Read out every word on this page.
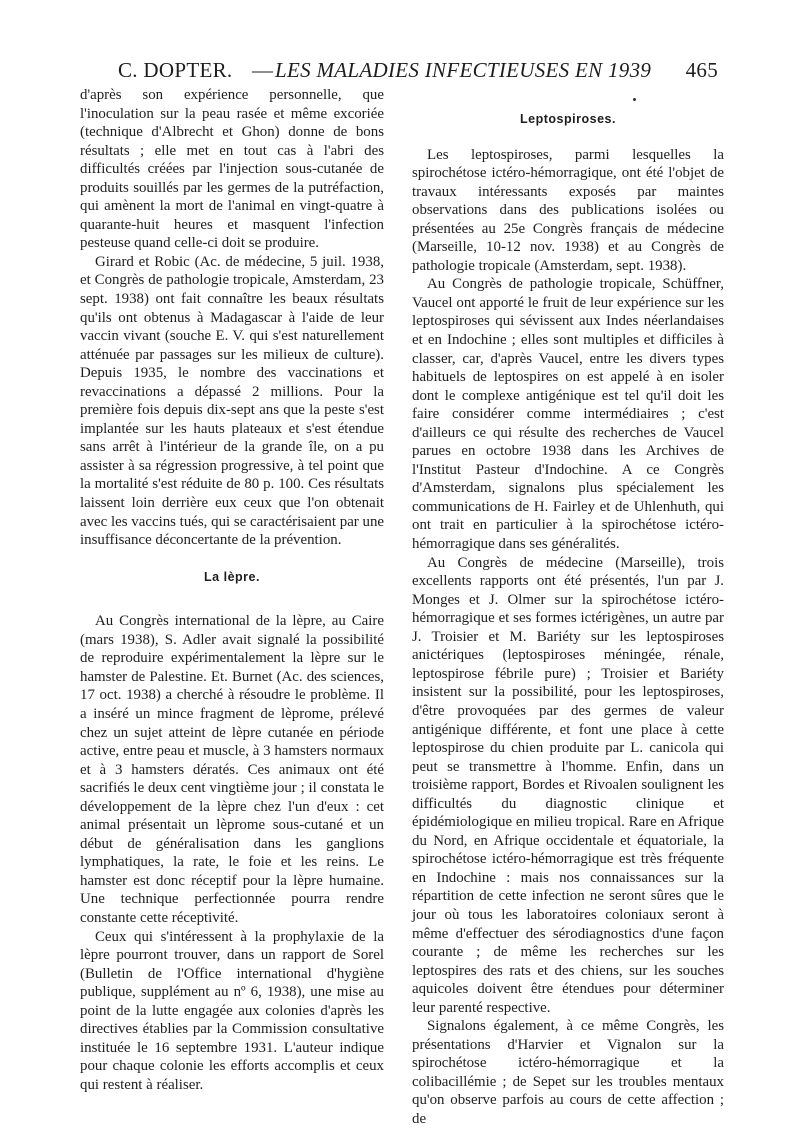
C. DOPTER. — LES MALADIES INFECTIEUSES EN 1939 465

d'après son expérience personnelle, que l'inoculation sur la peau rasée et même excoriée (technique d'Albrecht et Ghon) donne de bons résultats ; elle met en tout cas à l'abri des difficultés créées par l'injection sous-cutanée de produits souillés par les germes de la putréfaction, qui amènent la mort de l'animal en vingt-quatre à quarante-huit heures et masquent l'infection pesteuse quand celle-ci doit se produire.

Girard et Robic (Ac. de médecine, 5 juil. 1938, et Congrès de pathologie tropicale, Amsterdam, 23 sept. 1938) ont fait connaître les beaux résultats qu'ils ont obtenus à Madagascar à l'aide de leur vaccin vivant (souche E. V. qui s'est naturellement atténuée par passages sur les milieux de culture). Depuis 1935, le nombre des vaccinations et revaccinations a dépassé 2 millions. Pour la première fois depuis dix-sept ans que la peste s'est implantée sur les hauts plateaux et s'est étendue sans arrêt à l'intérieur de la grande île, on a pu assister à sa régression progressive, à tel point que la mortalité s'est réduite de 80 p. 100. Ces résultats laissent loin derrière eux ceux que l'on obtenait avec les vaccins tués, qui se caractérisaient par une insuffisance déconcertante de la prévention.

La lèpre.

Au Congrès international de la lèpre, au Caire (mars 1938), S. Adler avait signalé la possibilité de reproduire expérimentalement la lèpre sur le hamster de Palestine. Et. Burnet (Ac. des sciences, 17 oct. 1938) a cherché à résoudre le problème. Il a inséré un mince fragment de lèprome, prélevé chez un sujet atteint de lèpre cutanée en période active, entre peau et muscle, à 3 hamsters normaux et à 3 hamsters dératés. Ces animaux ont été sacrifiés le deux cent vingtième jour ; il constata le développement de la lèpre chez l'un d'eux : cet animal présentait un lèprome sous-cutané et un début de généralisation dans les ganglions lymphatiques, la rate, le foie et les reins. Le hamster est donc réceptif pour la lèpre humaine. Une technique perfectionnée pourra rendre constante cette réceptivité.

Ceux qui s'intéressent à la prophylaxie de la lèpre pourront trouver, dans un rapport de Sorel (Bulletin de l'Office international d'hygiène publique, supplément au nº 6, 1938), une mise au point de la lutte engagée aux colonies d'après les directives établies par la Commission consultative instituée le 16 septembre 1931. L'auteur indique pour chaque colonie les efforts accomplis et ceux qui restent à réaliser.

Leptospiroses.

Les leptospiroses, parmi lesquelles la spirochétose ictéro-hémorragique, ont été l'objet de travaux intéressants exposés par maintes observations dans des publications isolées ou présentées au 25e Congrès français de médecine (Marseille, 10-12 nov. 1938) et au Congrès de pathologie tropicale (Amsterdam, sept. 1938).

Au Congrès de pathologie tropicale, Schüffner, Vaucel ont apporté le fruit de leur expérience sur les leptospiroses qui sévissent aux Indes néerlandaises et en Indochine ; elles sont multiples et difficiles à classer, car, d'après Vaucel, entre les divers types habituels de leptospires on est appelé à en isoler dont le complexe antigénique est tel qu'il doit les faire considérer comme intermédiaires ; c'est d'ailleurs ce qui résulte des recherches de Vaucel parues en octobre 1938 dans les Archives de l'Institut Pasteur d'Indochine. A ce Congrès d'Amsterdam, signalons plus spécialement les communications de H. Fairley et de Uhlenhuth, qui ont trait en particulier à la spirochétose ictéro-hémorragique dans ses généralités.

Au Congrès de médecine (Marseille), trois excellents rapports ont été présentés, l'un par J. Monges et J. Olmer sur la spirochétose ictéro-hémorragique et ses formes ictérigènes, un autre par J. Troisier et M. Bariéty sur les leptospiroses anictériques (leptospiroses méningée, rénale, leptospirose fébrile pure) ; Troisier et Bariéty insistent sur la possibilité, pour les leptospiroses, d'être provoquées par des germes de valeur antigénique différente, et font une place à cette leptospirose du chien produite par L. canicola qui peut se transmettre à l'homme. Enfin, dans un troisième rapport, Bordes et Rivoalen soulignent les difficultés du diagnostic clinique et épidémiologique en milieu tropical. Rare en Afrique du Nord, en Afrique occidentale et équatoriale, la spirochétose ictéro-hémorragique est très fréquente en Indochine : mais nos connaissances sur la répartition de cette infection ne seront sûres que le jour où tous les laboratoires coloniaux seront à même d'effectuer des sérodiagnostics d'une façon courante ; de même les recherches sur les leptospires des rats et des chiens, sur les souches aquicoles doivent être étendues pour déterminer leur parenté respective.

Signalons également, à ce même Congrès, les présentations d'Harvier et Vignalon sur la spirochétose ictéro-hémorragique et la colibacillémie ; de Sepet sur les troubles mentaux qu'on observe parfois au cours de cette affection ; de
